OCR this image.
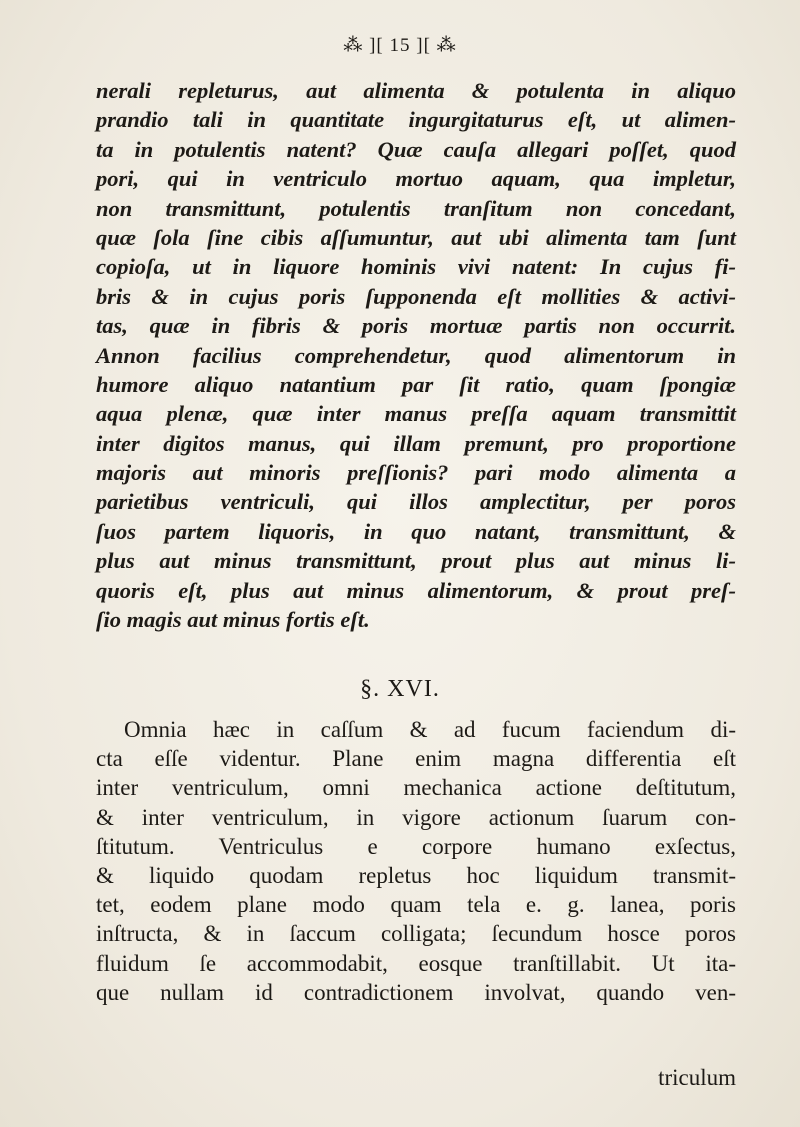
⁂ ][ 15 ][ ⁂
nerali repleturus, aut alimenta & potulenta in aliquo
prandio tali in quantitate ingurgitaturus eſt, ut alimen-
ta in potulentis natent? Quæ cauſa allegari poſſet, quod
pori, qui in ventriculo mortuo aquam, qua impletur,
non transmittunt, potulentis tranſitum non concedant,
quæ ſola ſine cibis aſſumuntur, aut ubi alimenta tam ſunt
copioſa, ut in liquore hominis vivi natent: In cujus fi-
bris & in cujus poris ſupponenda eſt mollities & activi-
tas, quæ in fibris & poris mortuæ partis non occurrit.
Annon facilius comprehendetur, quod alimentorum in
humore aliquo natantium par ſit ratio, quam ſpongiæ
aqua plenæ, quæ inter manus preſſa aquam transmittit
inter digitos manus, qui illam premunt, pro proportione
majoris aut minoris preſſionis? pari modo alimenta a
parietibus ventriculi, qui illos amplectitur, per poros
ſuos partem liquoris, in quo natant, transmittunt, &
plus aut minus transmittunt, prout plus aut minus li-
quoris eſt, plus aut minus alimentorum, & prout preſ-
ſio magis aut minus fortis eſt.
§. XVI.
Omnia hæc in caſſum & ad fucum faciendum di-
cta eſſe videntur. Plane enim magna differentia eſt
inter ventriculum, omni mechanica actione deſtitutum,
& inter ventriculum, in vigore actionum ſuarum con-
ſtitutum. Ventriculus e corpore humano exſectus,
& liquido quodam repletus hoc liquidum transmit-
tet, eodem plane modo quam tela e. g. lanea, poris
inſtructa, & in ſaccum colligata; ſecundum hosce poros
fluidum ſe accommodabit, eosque tranſtillabit. Ut ita-
que nullam id contradictionem involvat, quando ven-
triculum
